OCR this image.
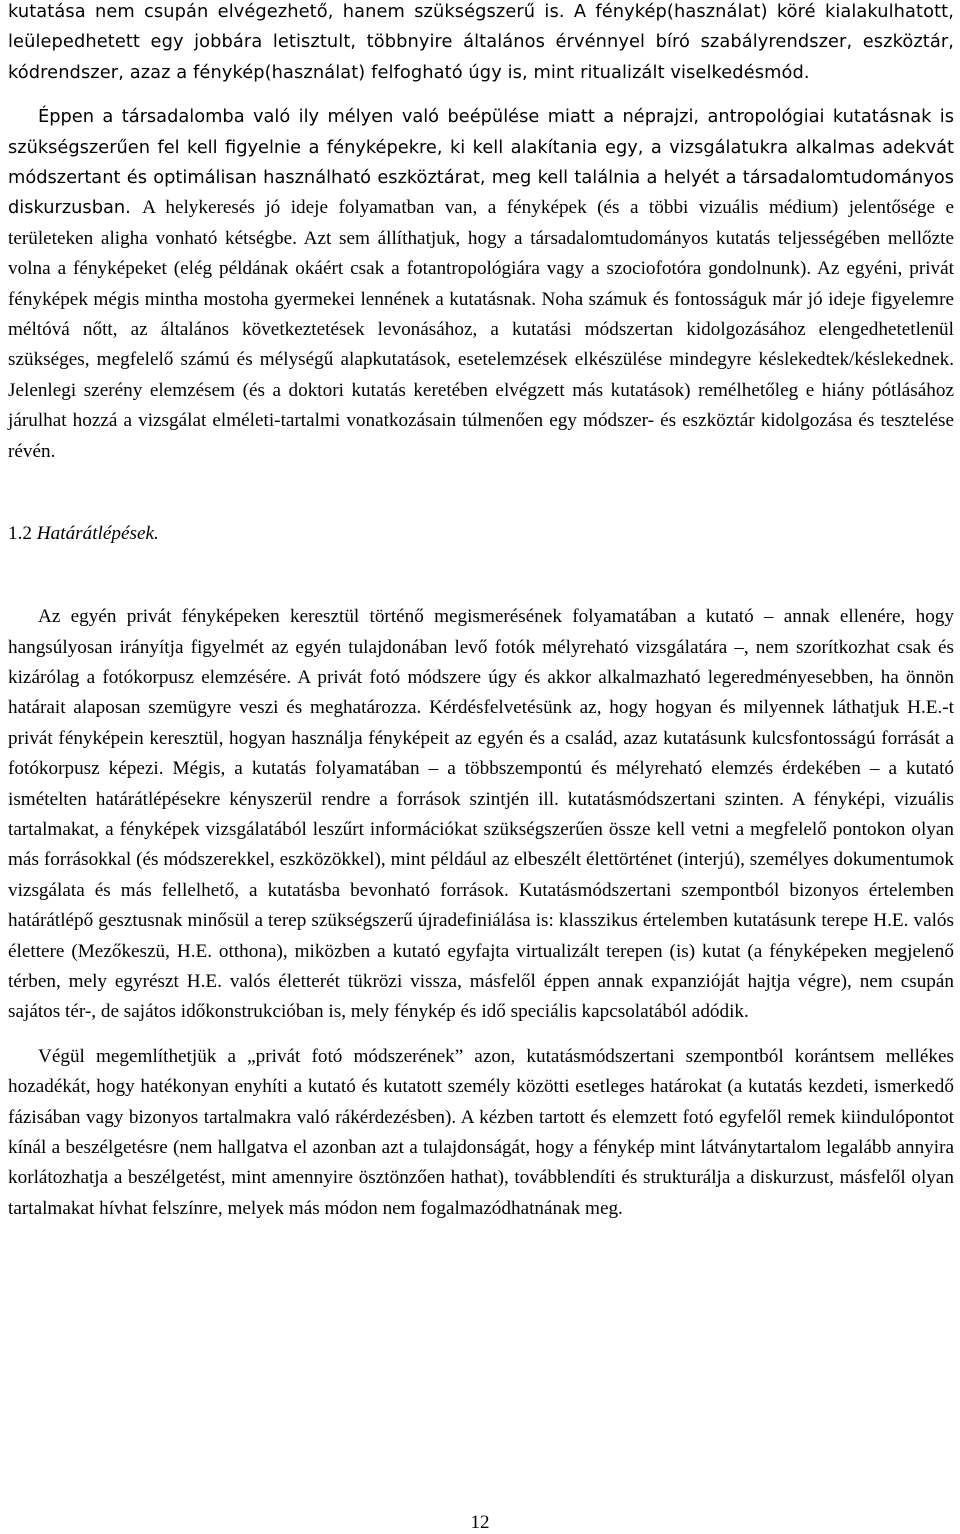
kutatása nem csupán elvégezhető, hanem szükségszerű is. A fénykép(használat) köré kialakulhatott, leülepedhetett egy jobbára letisztult, többnyire általános érvénnyel bíró szabályrendszer, eszköztár, kódrendszer, azaz a fénykép(használat) felfogható úgy is, mint ritualizált viselkedésmód.

Éppen a társadalomba való ily mélyen való beépülése miatt a néprajzi, antropológiai kutatásnak is szükségszerűen fel kell figyelnie a fényképekre, ki kell alakítania egy, a vizsgálatukra alkalmas adekvát módszertant és optimálisan használható eszköztárat, meg kell találnia a helyét a társadalomtudományos diskurzusban. A helykeresés jó ideje folyamatban van, a fényképek (és a többi vizuális médium) jelentősége e területeken aligha vonható kétségbe. Azt sem állíthatjuk, hogy a társadalomtudományos kutatás teljességében mellőzte volna a fényképeket (elég példának okáért csak a fotantropológiára vagy a szociofotóra gondolnunk). Az egyéni, privát fényképek mégis mintha mostoha gyermekei lennének a kutatásnak. Noha számuk és fontosságuk már jó ideje figyelemre méltóvá nőtt, az általános következtetések levonásához, a kutatási módszertan kidolgozásához elengedhetetlenül szükséges, megfelelő számú és mélységű alapkutatások, esetelemzések elkészülése mindegyre késlekedtek/késlekednek. Jelenlegi szerény elemzésem (és a doktori kutatás keretében elvégzett más kutatások) remélhetőleg e hiány pótlásához járulhat hozzá a vizsgálat elméleti-tartalmi vonatkozásain túlmenően egy módszer- és eszköztár kidolgozása és tesztelése révén.

1.2 Határátlépések.

Az egyén privát fényképeken keresztül történő megismerésének folyamatában a kutató – annak ellenére, hogy hangsúlyosan irányítja figyelmét az egyén tulajdonában levő fotók mélyreható vizsgálatára –, nem szorítkozhat csak és kizárólag a fotókorpusz elemzésére. A privát fotó módszere úgy és akkor alkalmazható legeredményesebben, ha önnön határait alaposan szemügyre veszi és meghatározza. Kérdésfelvetésünk az, hogy hogyan és milyennek láthatjuk H.E.-t privát fényképein keresztül, hogyan használja fényképeit az egyén és a család, azaz kutatásunk kulcsfontosságú forrását a fotókorpusz képezi. Mégis, a kutatás folyamatában – a többszempontú és mélyreható elemzés érdekében – a kutató ismételten határátlépésekre kényszerül rendre a források szintjén ill. kutatásmódszertani szinten. A fényképi, vizuális tartalmakat, a fényképek vizsgálatából leszűrt információkat szükségszerűen össze kell vetni a megfelelő pontokon olyan más forrásokkal (és módszerekkel, eszközökkel), mint például az elbeszélt élettörténet (interjú), személyes dokumentumok vizsgálata és más fellelhető, a kutatásba bevonható források. Kutatásmódszertani szempontból bizonyos értelemben határátlépő gesztusnak minősül a terep szükségszerű újradefiniálása is: klasszikus értelemben kutatásunk terepe H.E. valós élettere (Mezőkeszü, H.E. otthona), miközben a kutató egyfajta virtualizált terepen (is) kutat (a fényképeken megjelenő térben, mely egyrészt H.E. valós életterét tükrözi vissza, másfelől éppen annak expanzióját hajtja végre), nem csupán sajátos tér-, de sajátos időkonstrukcióban is, mely fénykép és idő speciális kapcsolatából adódik.

Végül megemlíthetjük a „privát fotó módszerének” azon, kutatásmódszertani szempontból korántsem mellékes hozadékát, hogy hatékonyan enyhíti a kutató és kutatott személy közötti esetleges határokat (a kutatás kezdeti, ismerkedő fázisában vagy bizonyos tartalmakra való rákérdezésben). A kézben tartott és elemzett fotó egyfelől remek kiindulópontot kínál a beszélgetésre (nem hallgatva el azonban azt a tulajdonságát, hogy a fénykép mint látványtartalom legalább annyira korlátozhatja a beszélgetést, mint amennyire ösztönzően hathat), továbblendíti és strukturálja a diskurzust, másfelől olyan tartalmakat hívhat felszínre, melyek más módon nem fogalmazódhatnának meg.

12
